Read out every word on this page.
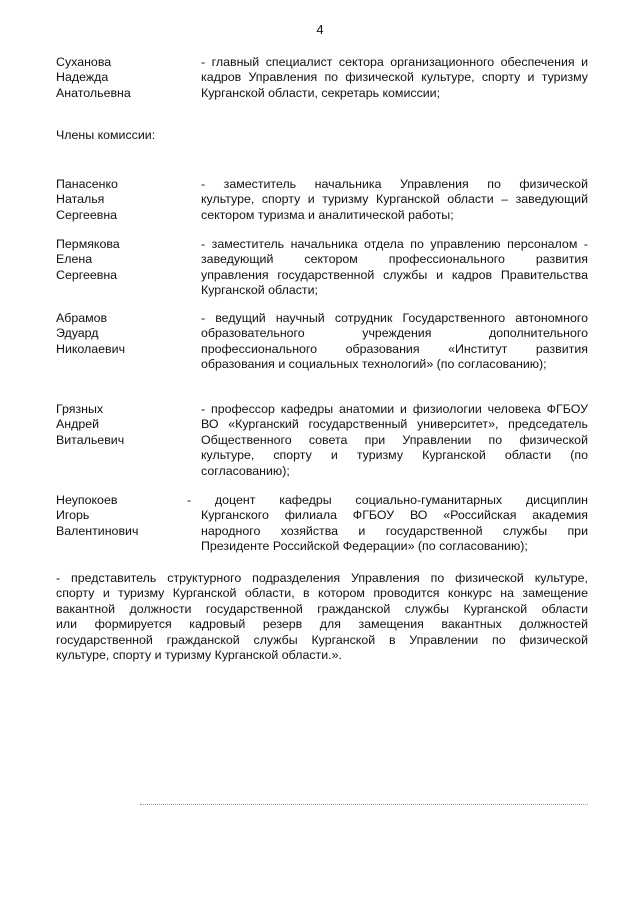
4
Суханова
Надежда
Анатольевна
- главный специалист сектора организационного обеспечения и
кадров Управления по физической культуре, спорту и туризму
Курганской области, секретарь комиссии;
Члены комиссии:
Панасенко
Наталья
Сергеевна
- заместитель начальника Управления по физической
культуре, спорту и туризму Курганской области – заведующий
сектором туризма и аналитической работы;
Пермякова
Елена
Сергеевна
- заместитель начальника отдела по управлению персоналом -
заведующий сектором профессионального развития
управления государственной службы и кадров Правительства
Курганской области;
Абрамов
Эдуард
Николаевич
- ведущий научный сотрудник Государственного автономного
образовательного учреждения дополнительного
профессионального образования «Институт развития
образования и социальных технологий» (по согласованию);
Грязных
Андрей
Витальевич
- профессор кафедры анатомии и физиологии человека ФГБОУ
ВО «Курганский государственный университет», председатель
Общественного совета при Управлении по физической
культуре, спорту и туризму Курганской области (по
согласованию);
Неупокоев
Игорь
Валентинович
- доцент кафедры социально-гуманитарных дисциплин
Курганского филиала ФГБОУ ВО «Российская академия
народного хозяйства и государственной службы при
Президенте Российской Федерации» (по согласованию);
- представитель структурного подразделения Управления по физической культуре,
спорту и туризму Курганской области, в котором проводится конкурс на замещение
вакантной должности государственной гражданской службы Курганской области
или формируется кадровый резерв для замещения вакантных должностей
государственной гражданской службы Курганской в Управлении по физической
культуре, спорту и туризму Курганской области.».
